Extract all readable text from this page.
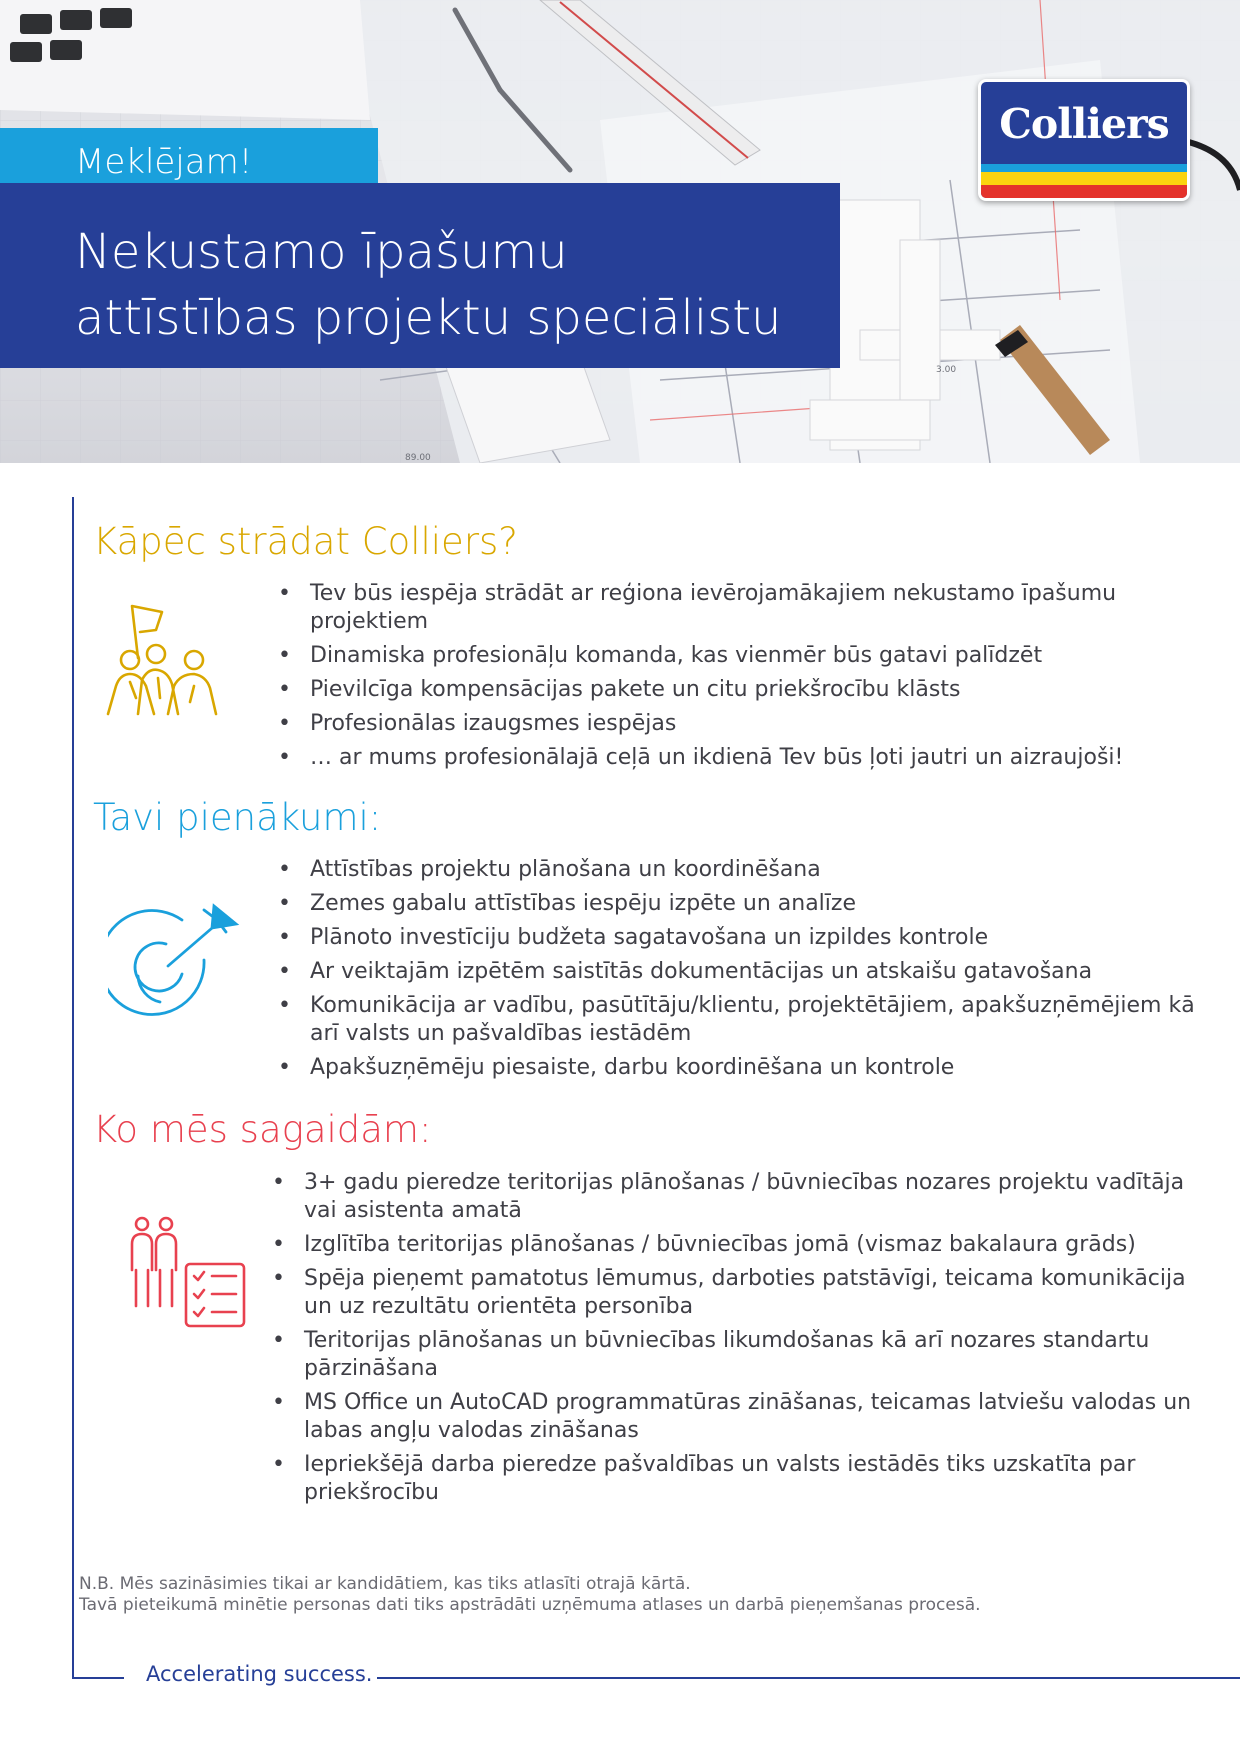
3.00
89.00
Meklējam!
Nekustamo īpašumu
attīstības projektu speciālistu
Colliers
Accelerating success.
Kāpēc strādat Colliers?
• Tev būs iespēja strādāt ar reģiona ievērojamākajiem nekustamo īpašumu projektiem
• Dinamiska profesionāļu komanda, kas vienmēr būs gatavi palīdzēt
• Pievilcīga kompensācijas pakete un citu priekšrocību klāsts
• Profesionālas izaugsmes iespējas
• … ar mums profesionālajā ceļā un ikdienā Tev būs ļoti jautri un aizraujoši!
Tavi pienākumi:
• Attīstības projektu plānošana un koordinēšana
• Zemes gabalu attīstības iespēju izpēte un analīze
• Plānoto investīciju budžeta sagatavošana un izpildes kontrole
• Ar veiktajām izpētēm saistītās dokumentācijas un atskaišu gatavošana
• Komunikācija ar vadību, pasūtītāju/klientu, projektētājiem, apakšuzņēmējiem kā arī valsts un pašvaldības iestādēm
• Apakšuzņēmēju piesaiste, darbu koordinēšana un kontrole
Ko mēs sagaidām:
• 3+ gadu pieredze teritorijas plānošanas / būvniecības nozares projektu vadītāja vai asistenta amatā
• Izglītība teritorijas plānošanas / būvniecības jomā (vismaz bakalaura grāds)
• Spēja pieņemt pamatotus lēmumus, darboties patstāvīgi, teicama komunikācija un uz rezultātu orientēta personība
• Teritorijas plānošanas un būvniecības likumdošanas kā arī nozares standartu pārzināšana
• MS Office un AutoCAD programmatūras zināšanas, teicamas latviešu valodas un labas angļu valodas zināšanas
• Iepriekšējā darba pieredze pašvaldības un valsts iestādēs tiks uzskatīta par priekšrocību
N.B. Mēs sazināsimies tikai ar kandidātiem, kas tiks atlasīti otrajā kārtā.
Tavā pieteikumā minētie personas dati tiks apstrādāti uzņēmuma atlases un darbā pieņemšanas procesā.
